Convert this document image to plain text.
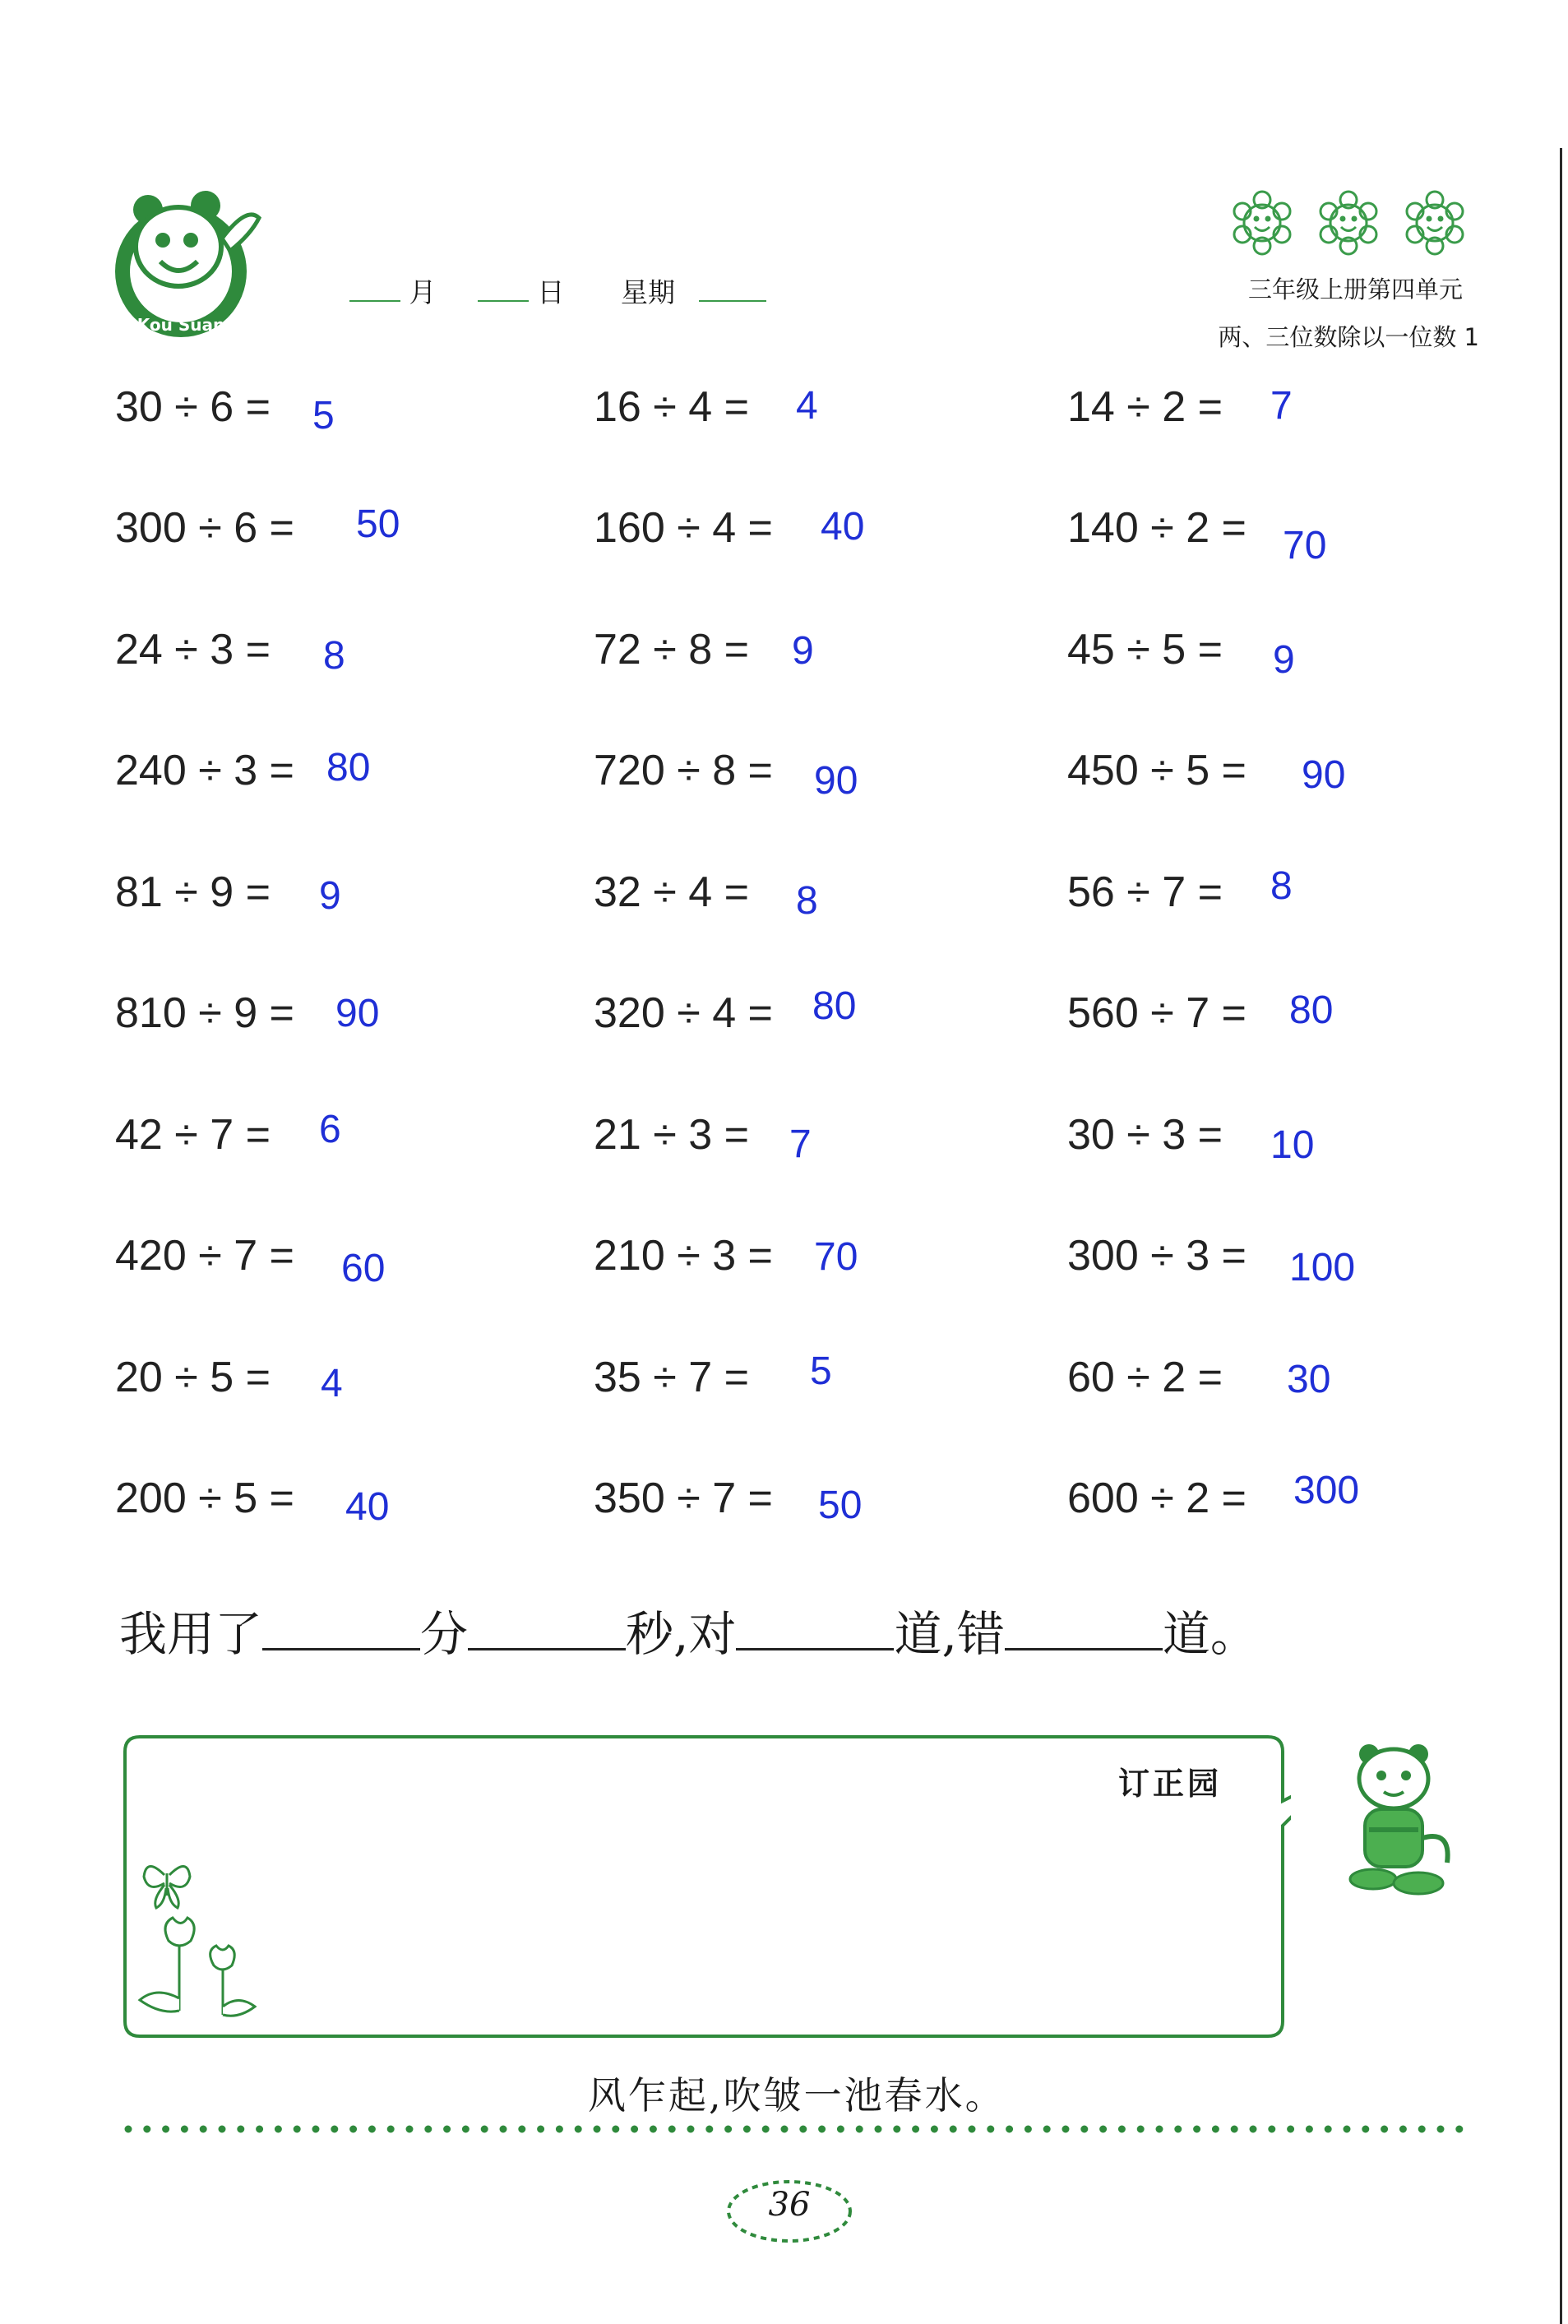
Kou Suan
月	日 星期	三年级上册第四单元
两、三位数除以一位数 1
30 ÷ 6 = 5	16 ÷ 4 = 4	14 ÷ 2 = 7
300 ÷ 6 = 50	160 ÷ 4 = 40	140 ÷ 2 = 70
24 ÷ 3 = 8	72 ÷ 8 = 9	45 ÷ 5 = 9
240 ÷ 3 = 80	720 ÷ 8 = 90	450 ÷ 5 = 90
81 ÷ 9 = 9	32 ÷ 4 = 8	56 ÷ 7 = 8
810 ÷ 9 = 90	320 ÷ 4 = 80	560 ÷ 7 = 80
42 ÷ 7 = 6	21 ÷ 3 = 7	30 ÷ 3 = 10
420 ÷ 7 = 60	210 ÷ 3 = 70	300 ÷ 3 = 100
20 ÷ 5 = 4	35 ÷ 7 = 5	60 ÷ 2 = 30
200 ÷ 5 = 40	350 ÷ 7 = 50	600 ÷ 2 = 300
我用了	分	秒,对	道,错	道。
订正园
风乍起,吹皱一池春水。
36
